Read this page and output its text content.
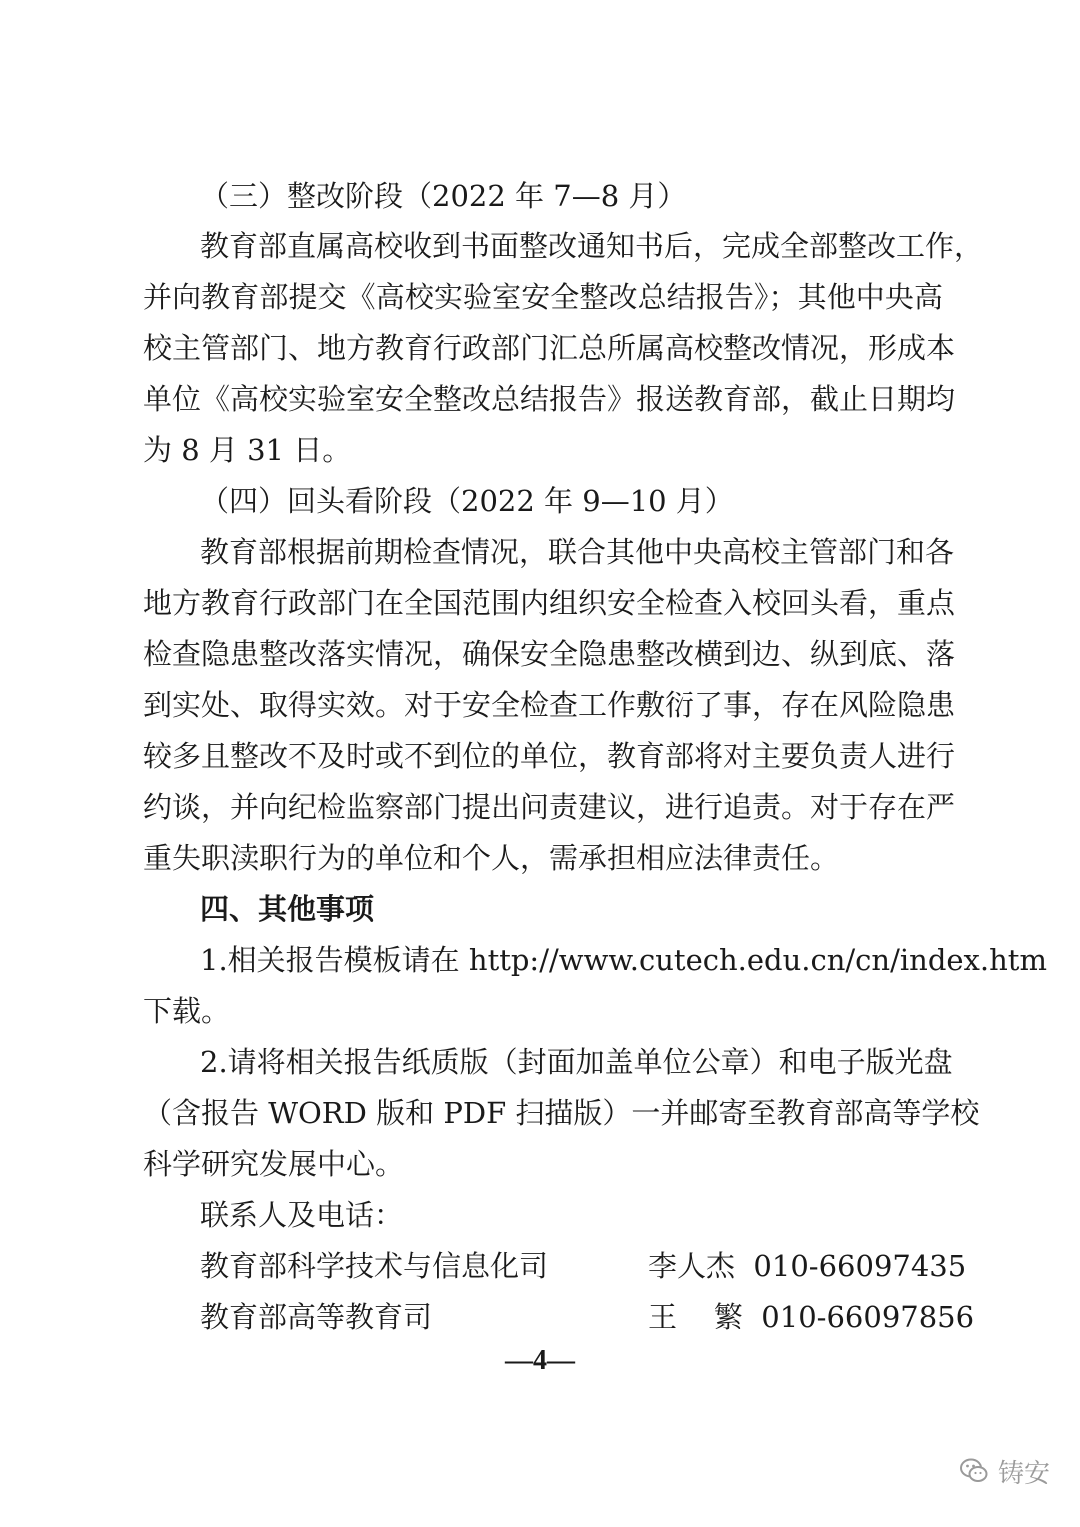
（三）整改阶段（2022 年 7—8 月）
教育部直属高校收到书面整改通知书后，完成全部整改工作，
并向教育部提交《高校实验室安全整改总结报告》；其他中央高
校主管部门、地方教育行政部门汇总所属高校整改情况，形成本
单位《高校实验室安全整改总结报告》报送教育部，截止日期均
为 8 月 31 日。
（四）回头看阶段（2022 年 9—10 月）
教育部根据前期检查情况，联合其他中央高校主管部门和各
地方教育行政部门在全国范围内组织安全检查入校回头看，重点
检查隐患整改落实情况，确保安全隐患整改横到边、纵到底、落
到实处、取得实效。对于安全检查工作敷衍了事，存在风险隐患
较多且整改不及时或不到位的单位，教育部将对主要负责人进行
约谈，并向纪检监察部门提出问责建议，进行追责。对于存在严
重失职渎职行为的单位和个人，需承担相应法律责任。
四、其他事项
1.相关报告模板请在 http://www.cutech.edu.cn/cn/index.htm
下载。
2.请将相关报告纸质版（封面加盖单位公章）和电子版光盘
（含报告 WORD 版和 PDF 扫描版）一并邮寄至教育部高等学校
科学研究发展中心。
联系人及电话：
教育部科学技术与信息化司	李人杰  010-66097435
教育部高等教育司	王    繁  010-66097856
—4—
铸安
